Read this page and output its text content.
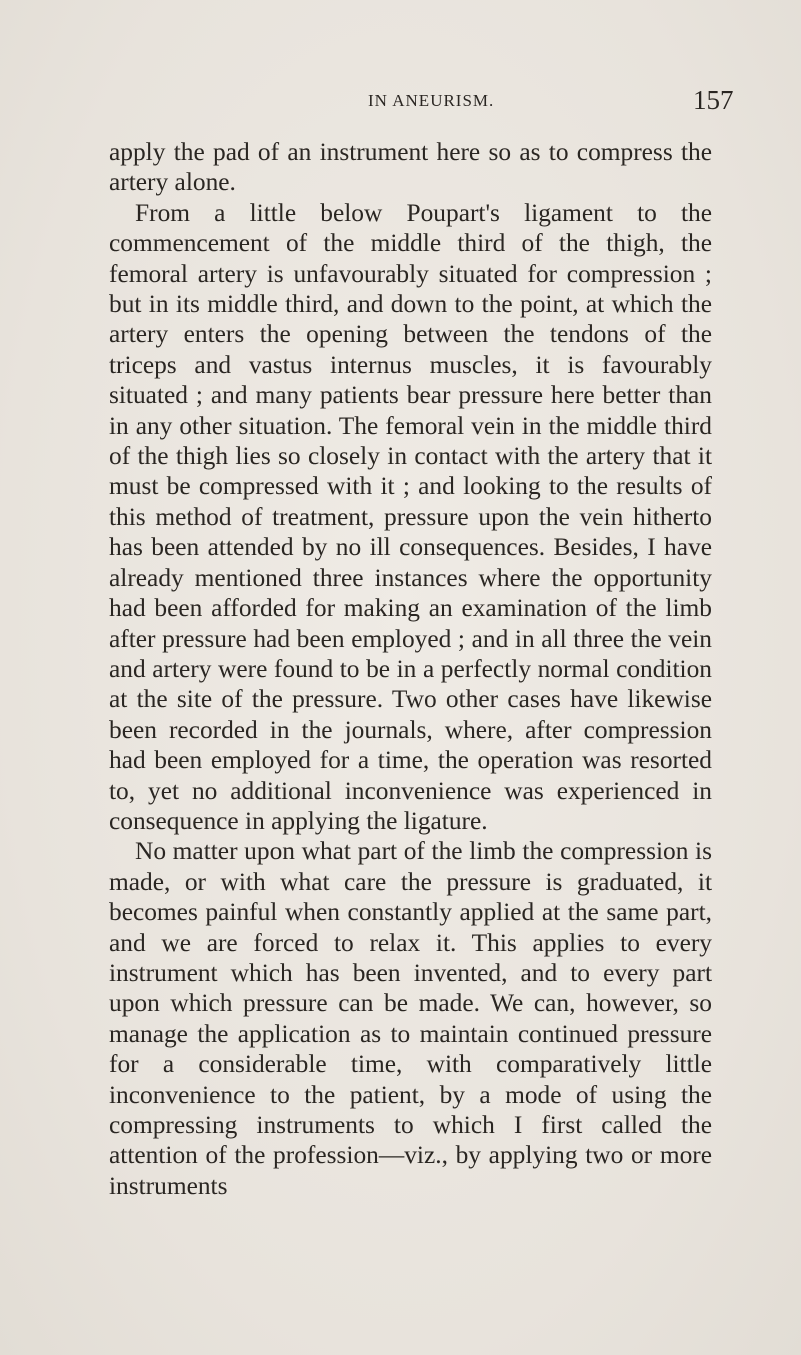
IN ANEURISM.	157

apply the pad of an instrument here so as to compress the artery alone.

From a little below Poupart's ligament to the commencement of the middle third of the thigh, the femoral artery is unfavourably situated for compression ; but in its middle third, and down to the point, at which the artery enters the opening between the tendons of the triceps and vastus internus muscles, it is favourably situated ; and many patients bear pressure here better than in any other situation. The femoral vein in the middle third of the thigh lies so closely in contact with the artery that it must be compressed with it ; and looking to the results of this method of treatment, pressure upon the vein hitherto has been attended by no ill consequences. Besides, I have already mentioned three instances where the opportunity had been afforded for making an examination of the limb after pressure had been employed ; and in all three the vein and artery were found to be in a perfectly normal condition at the site of the pressure. Two other cases have likewise been recorded in the journals, where, after compression had been employed for a time, the operation was resorted to, yet no additional inconvenience was experienced in consequence in applying the ligature.

No matter upon what part of the limb the compression is made, or with what care the pressure is graduated, it becomes painful when constantly applied at the same part, and we are forced to relax it. This applies to every instrument which has been invented, and to every part upon which pressure can be made. We can, however, so manage the application as to maintain continued pressure for a considerable time, with comparatively little inconvenience to the patient, by a mode of using the compressing instruments to which I first called the attention of the profession—viz., by applying two or more instruments
